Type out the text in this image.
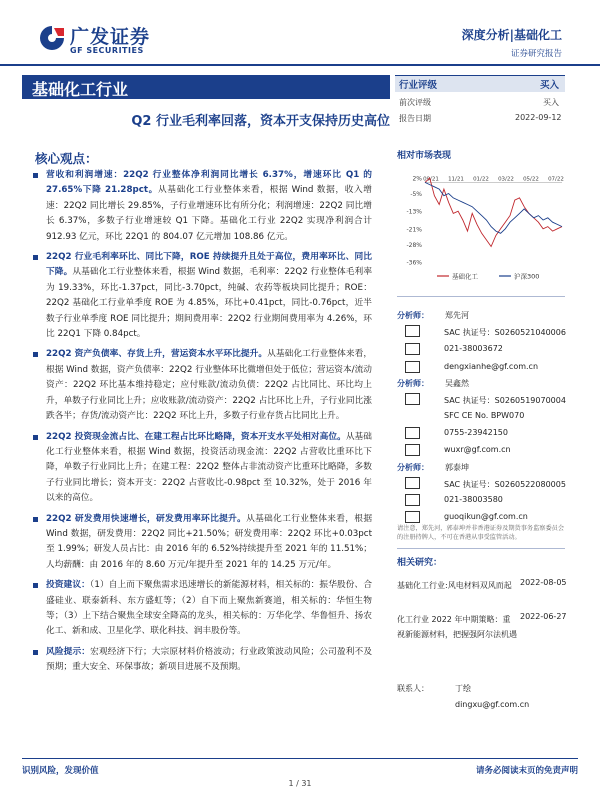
广发证券
GF SECURITIES
深度分析|基础化工
证券研究报告
基础化工行业
Q2 行业毛利率回落，资本开支保持历史高位
核心观点：
营收和利润增速：22Q2 行业整体净利润同比增长 6.37%，增速环比 Q1 的 27.65%下降 21.28pct。从基础化工行业整体来看，根据 Wind 数据，收入增速：22Q2 同比增长 29.85%，子行业增速环比有所分化；利润增速：22Q2 同比增长 6.37%，多数子行业增速较 Q1 下降。基础化工行业 22Q2 实现净利润合计 912.93 亿元，环比 22Q1 的 804.07 亿元增加 108.86 亿元。
22Q2 行业毛利率环比、同比下降，ROE 持续提升且处于高位，费用率环比、同比下降。从基础化工行业整体来看，根据 Wind 数据，毛利率：22Q2 行业整体毛利率为 19.33%，环比-1.37pct，同比-3.70pct，纯碱、农药等板块同比提升；ROE：22Q2 基础化工行业单季度 ROE 为 4.85%，环比+0.41pct，同比-0.76pct，近半数子行业单季度 ROE 同比提升；期间费用率：22Q2 行业期间费用率为 4.26%，环比 22Q1 下降 0.84pct。
22Q2 资产负债率、存货上升，营运资本水平环比提升。从基础化工行业整体来看，根据 Wind 数据，资产负债率：22Q2 行业整体环比微增但处于低位；营运资本/流动资产：22Q2 环比基本维持稳定；应付账款/流动负债：22Q2 占比同比、环比均上升，单数子行业同比上升；应收账款/流动资产：22Q2 占比环比上升，子行业同比涨跌各半；存货/流动资产比：22Q2 环比上升，多数子行业存货占比同比上升。
22Q2 投资现金流占比、在建工程占比环比略降，资本开支水平处相对高位。从基础化工行业整体来看，根据 Wind 数据，投资活动现金流：22Q2 占营收比重环比下降，单数子行业同比上升；在建工程：22Q2 整体占非流动资产比重环比略降，多数子行业同比增长；资本开支：22Q2 占营收比-0.98pct 至 10.32%，处于 2016 年以来的高位。
22Q2 研发费用快速增长，研发费用率环比提升。从基础化工行业整体来看，根据 Wind 数据，研发费用：22Q2 同比+21.50%；研发费用率：22Q2 环比+0.03pct 至 1.99%；研发人员占比：由 2016 年的 6.52%持续提升至 2021 年的 11.51%；人均薪酬：由 2016 年的 8.60 万元/年提升至 2021 年的 14.25 万元/年。
投资建议：（1）自上而下聚焦需求迅速增长的新能源材料，相关标的：振华股份、合盛硅业、联泰新科、东方盛虹等；（2）自下而上聚焦新赛道，相关标的：华恒生物等；（3）上下结合聚焦全球安全降高的龙头，相关标的：万华化学、华鲁恒升、扬农化工、新和成、卫星化学、联化科技、润丰股份等。
风险提示：宏观经济下行；大宗原材料价格波动；行业政策波动风险；公司盈利不及预期；重大安全、环保事故；新项目进展不及预期。
行业评级	买入
前次评级	买入
报告日期	2022-09-12
相对市场表现
2%
-5%
-13%
-21%
-28%
-36%
09/21 11/21 01/22 03/22 05/22 07/22
基础化工	沪深300
分析师： 郑先河
SAC 执证号：S0260521040006
021-38003672
dengxianhe@gf.com.cn
分析师： 吴鑫然
SAC 执证号：S0260519070004
SFC CE No. BPW070
0755-23942150
wuxr@gf.com.cn
分析师： 郭泰坤
SAC 执证号：S0260522080005
021-38003580
guoqikun@gf.com.cn
请注意，郑先河，郭泰坤并非香港证券及期货事务监察委员会的注册持牌人，不可在香港从事受监管活动。
相关研究：
基础化工行业:风电材料双风而起	2022-08-05
化工行业 2022 年中期策略：重视新能源材料，把握强阿尔法机遇
2022-06-27
联系人：	丁绘
dingxu@gf.com.cn
识别风险，发现价值	请务必阅读末页的免责声明
1 / 31
